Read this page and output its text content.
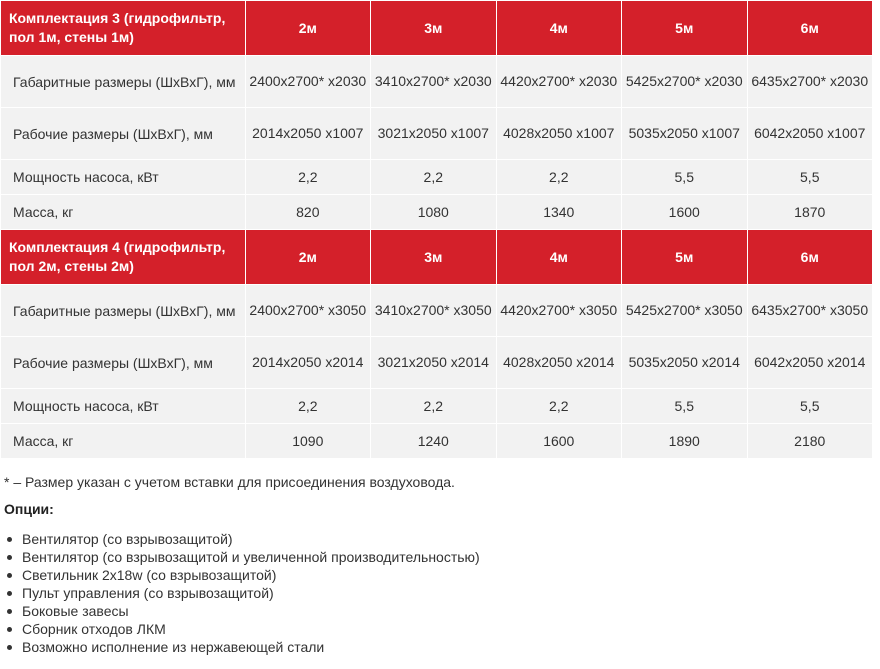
Комплектация 3 (гидрофильтр, пол 1м, стены 1м)	2м	3м	4м	5м	6м
Габаритные размеры (ШхВхГ), мм	2400х2700* х2030	3410х2700* х2030	4420х2700* х2030	5425х2700* х2030	6435х2700* х2030
Рабочие размеры (ШхВхГ), мм	2014х2050 х1007	3021х2050 х1007	4028х2050 х1007	5035х2050 х1007	6042х2050 х1007
Мощность насоса, кВт	2,2	2,2	2,2	5,5	5,5
Масса, кг	820	1080	1340	1600	1870
Комплектация 4 (гидрофильтр, пол 2м, стены 2м)	2м	3м	4м	5м	6м
Габаритные размеры (ШхВхГ), мм	2400х2700* х3050	3410х2700* х3050	4420х2700* х3050	5425х2700* х3050	6435х2700* х3050
Рабочие размеры (ШхВхГ), мм	2014х2050 х2014	3021х2050 х2014	4028х2050 х2014	5035х2050 х2014	6042х2050 х2014
Мощность насоса, кВт	2,2	2,2	2,2	5,5	5,5
Масса, кг	1090	1240	1600	1890	2180
* – Размер указан с учетом вставки для присоединения воздуховода.
Опции:
Вентилятор (со взрывозащитой)
Вентилятор (со взрывозащитой и увеличенной производительностью)
Светильник 2х18w (со взрывозащитой)
Пульт управления (со взрывозащитой)
Боковые завесы
Сборник отходов ЛКМ
Возможно исполнение из нержавеющей стали
